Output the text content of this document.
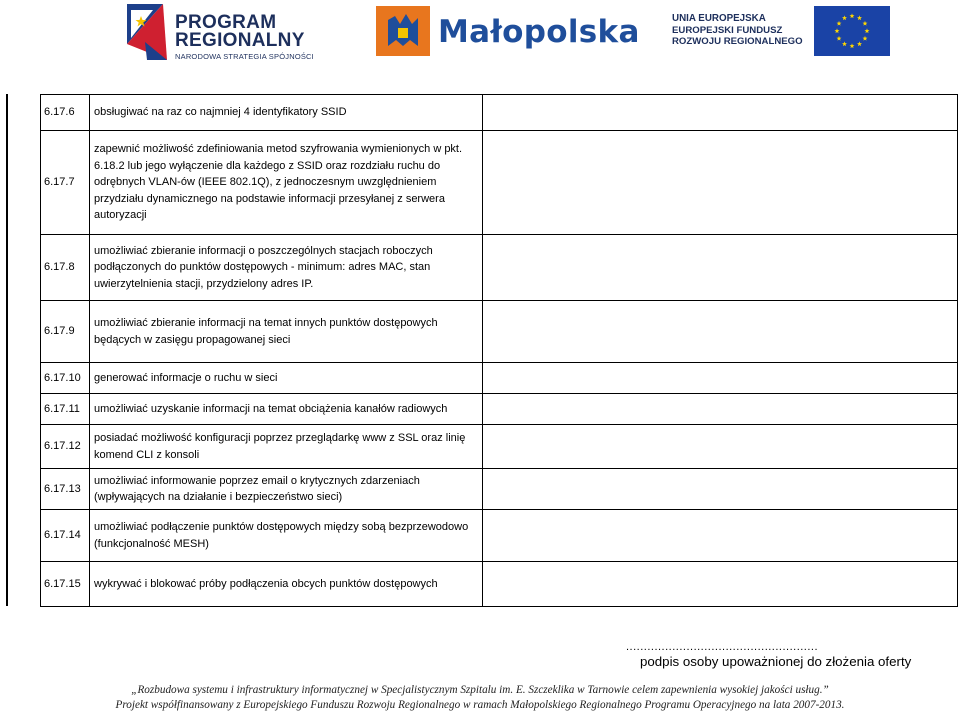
PROGRAM
REGIONALNY
NARODOWA STRATEGIA SPÓJNOŚCI
Małopolska	UNIA EUROPEJSKA
EUROPEJSKI FUNDUSZ
ROZWOJU REGIONALNEGO
6.17.6	obsługiwać na raz co najmniej 4 identyfikatory SSID	
6.17.7	zapewnić możliwość zdefiniowania metod szyfrowania wymienionych w pkt. 6.18.2 lub jego wyłączenie dla każdego z SSID oraz rozdziału ruchu do odrębnych VLAN-ów (IEEE 802.1Q), z jednoczesnym uwzględnieniem przydziału dynamicznego na podstawie informacji przesyłanej z serwera autoryzacji	
6.17.8	umożliwiać zbieranie informacji o poszczególnych stacjach roboczych podłączonych do punktów dostępowych - minimum: adres MAC, stan uwierzytelnienia stacji, przydzielony adres IP.	
6.17.9	umożliwiać zbieranie informacji na temat innych punktów dostępowych będących w zasięgu propagowanej sieci	
6.17.10	generować informacje o ruchu w sieci	
6.17.11	umożliwiać uzyskanie informacji na temat obciążenia kanałów radiowych	
6.17.12	posiadać możliwość konfiguracji poprzez przeglądarkę www z SSL oraz linię komend CLI z konsoli	
6.17.13	umożliwiać informowanie poprzez email o krytycznych zdarzeniach (wpływających na działanie i bezpieczeństwo sieci)	
6.17.14	umożliwiać podłączenie punktów dostępowych między sobą bezprzewodowo (funkcjonalność MESH)	
6.17.15	wykrywać i blokować próby podłączenia obcych punktów dostępowych	
......................................................
podpis osoby upoważnionej do złożenia oferty
„Rozbudowa systemu i infrastruktury informatycznej w Specjalistycznym Szpitalu im. E. Szczeklika w Tarnowie celem zapewnienia wysokiej jakości usług.”
Projekt współfinansowany z Europejskiego Funduszu Rozwoju Regionalnego w ramach Małopolskiego Regionalnego Programu Operacyjnego na lata 2007-2013.
